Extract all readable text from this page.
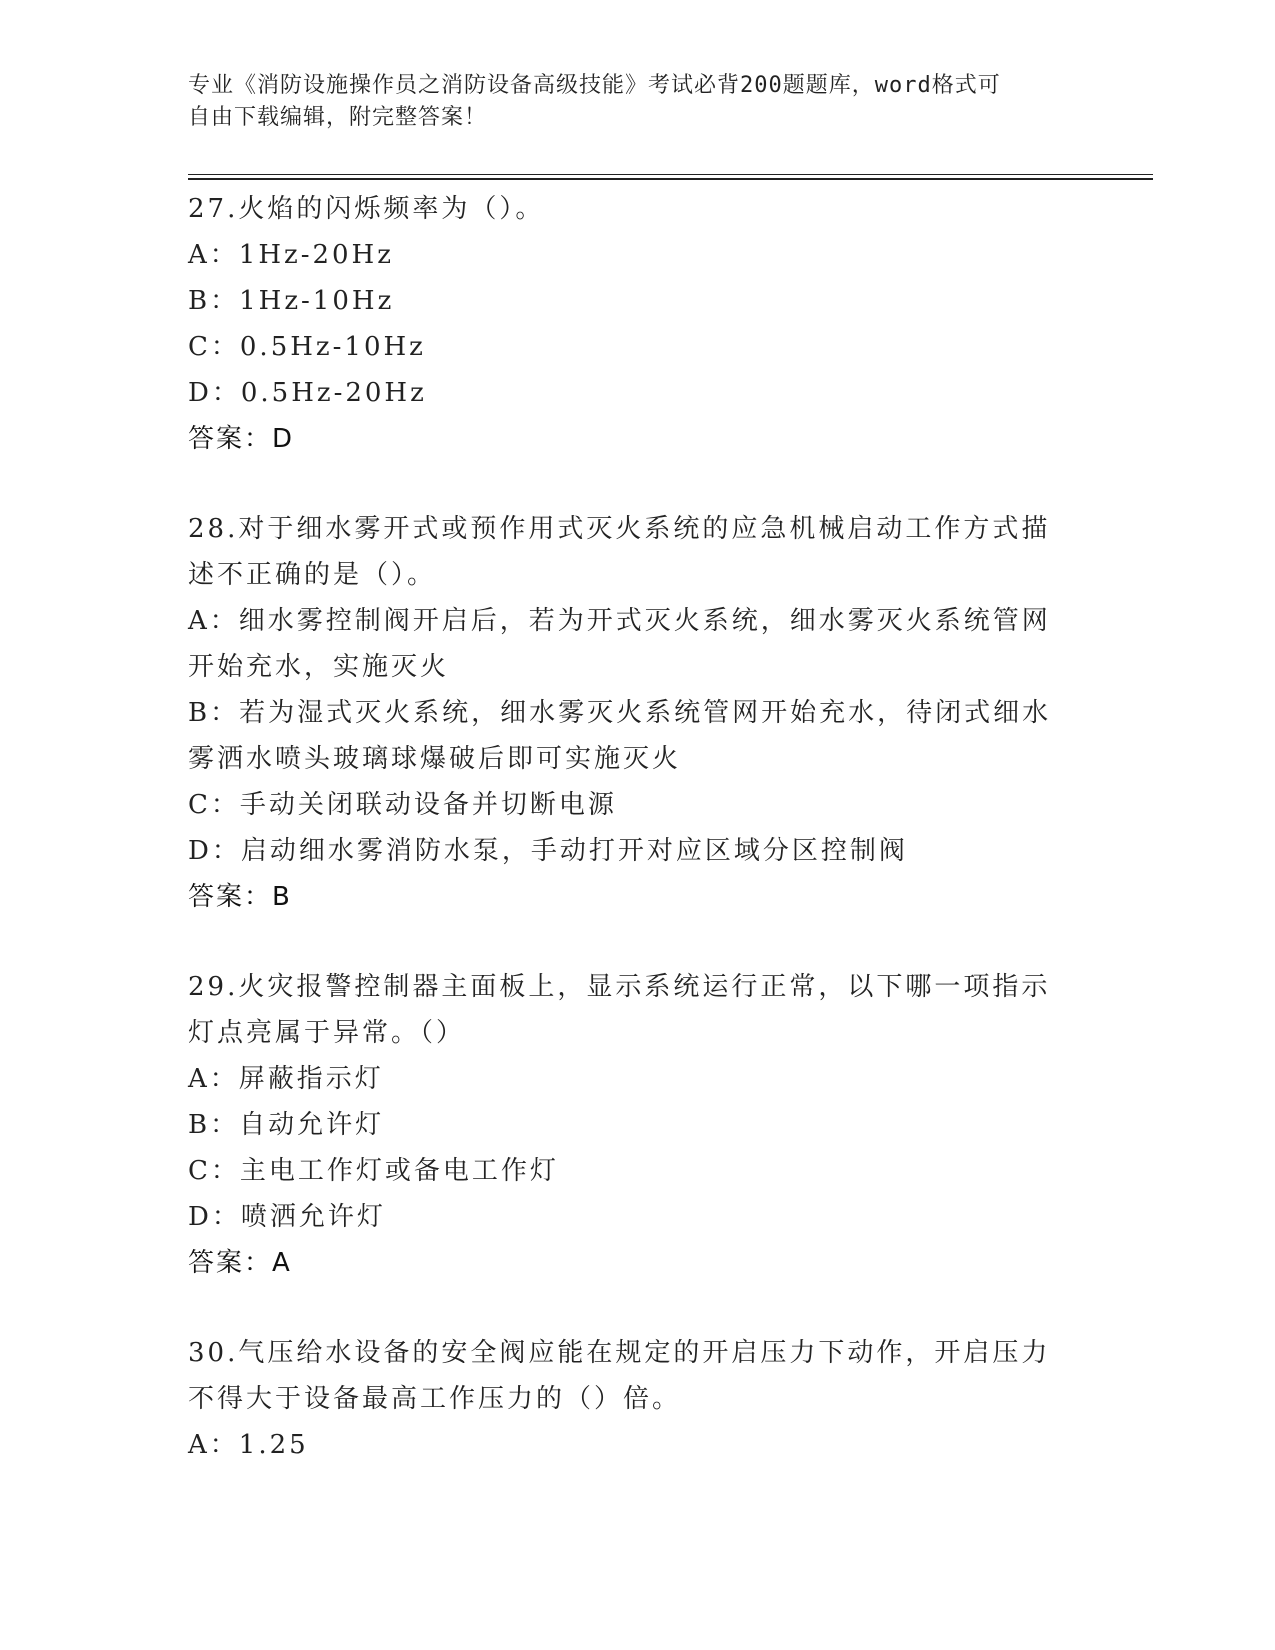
专业《消防设施操作员之消防设备高级技能》考试必背200题题库，word格式可
自由下载编辑，附完整答案！
27.火焰的闪烁频率为（）。
A：1Hz-20Hz
B：1Hz-10Hz
C：0.5Hz-10Hz
D：0.5Hz-20Hz
答案：D
28.对于细水雾开式或预作用式灭火系统的应急机械启动工作方式描述不正确的是（）。
A：细水雾控制阀开启后，若为开式灭火系统，细水雾灭火系统管网开始充水，实施灭火
B：若为湿式灭火系统，细水雾灭火系统管网开始充水，待闭式细水雾洒水喷头玻璃球爆破后即可实施灭火
C：手动关闭联动设备并切断电源
D：启动细水雾消防水泵，手动打开对应区域分区控制阀
答案：B
29.火灾报警控制器主面板上，显示系统运行正常，以下哪一项指示灯点亮属于异常。（）
A：屏蔽指示灯
B：自动允许灯
C：主电工作灯或备电工作灯
D：喷洒允许灯
答案：A
30.气压给水设备的安全阀应能在规定的开启压力下动作，开启压力不得大于设备最高工作压力的（）倍。
A：1.25
